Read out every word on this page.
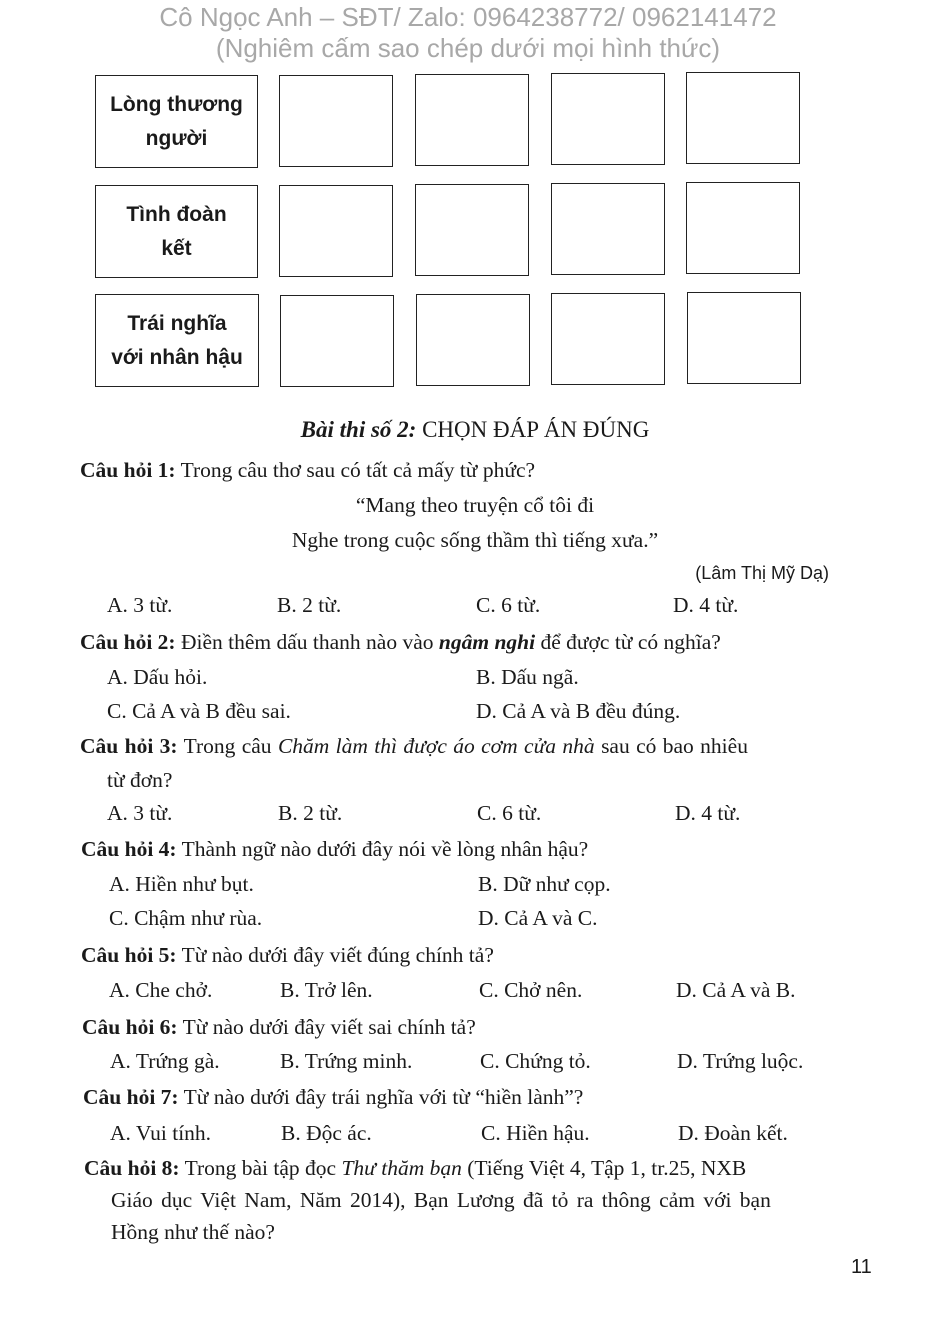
Cô Ngọc Anh – SĐT/ Zalo: 0964238772/ 0962141472
(Nghiêm cấm sao chép dưới mọi hình thức)
Lòng thương
người
Tình đoàn
kết
Trái nghĩa
với nhân hậu
Bài thi số 2: CHỌN ĐÁP ÁN ĐÚNG
Câu hỏi 1: Trong câu thơ sau có tất cả mấy từ phức?
“Mang theo truyện cổ tôi đi
Nghe trong cuộc sống thầm thì tiếng xưa.”
(Lâm Thị Mỹ Dạ)
A. 3 từ.	B. 2 từ.	C. 6 từ.	D. 4 từ.
Câu hỏi 2: Điền thêm dấu thanh nào vào ngâm nghi để được từ có nghĩa?
A. Dấu hỏi.	B. Dấu ngã.
C. Cả A và B đều sai.	D. Cả A và B đều đúng.
Câu hỏi 3: Trong câu Chăm làm thì được áo cơm cửa nhà sau có bao nhiêu
từ đơn?
A. 3 từ.	B. 2 từ.	C. 6 từ.	D. 4 từ.
Câu hỏi 4: Thành ngữ nào dưới đây nói về lòng nhân hậu?
A. Hiền như bụt.	B. Dữ như cọp.
C. Chậm như rùa.	D. Cả A và C.
Câu hỏi 5: Từ nào dưới đây viết đúng chính tả?
A. Che chở.	B. Trở lên.	C. Chở nên.	D. Cả A và B.
Câu hỏi 6: Từ nào dưới đây viết sai chính tả?
A. Trứng gà.	B. Trứng minh.	C. Chứng tỏ.	D. Trứng luộc.
Câu hỏi 7: Từ nào dưới đây trái nghĩa với từ “hiền lành”?
A. Vui tính.	B. Độc ác.	C. Hiền hậu.	D. Đoàn kết.
Câu hỏi 8: Trong bài tập đọc Thư thăm bạn (Tiếng Việt 4, Tập 1, tr.25, NXB
Giáo dục Việt Nam, Năm 2014), Bạn Lương đã tỏ ra thông cảm với bạn
Hồng như thế nào?
11
